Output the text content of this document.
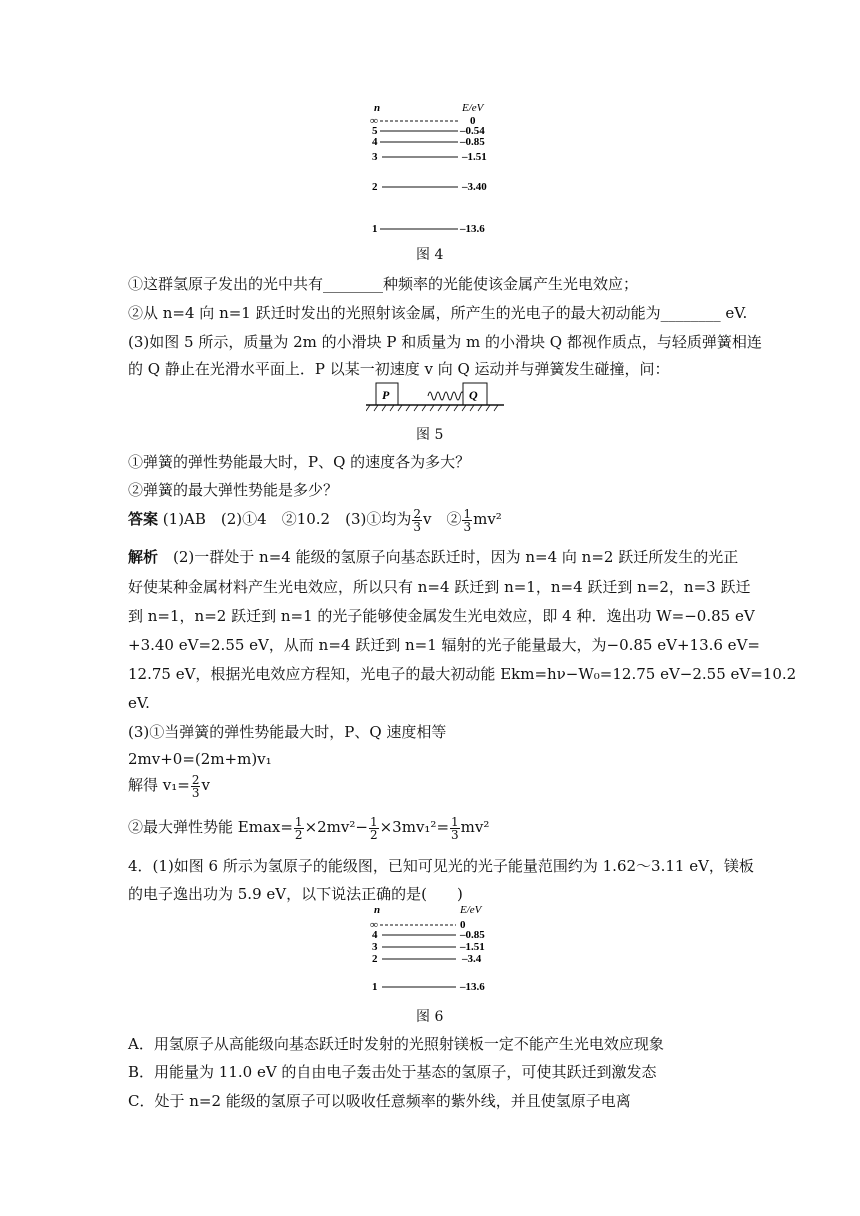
n	E/eV
∞	0
5	–0.54
4	–0.85
3	–1.51
2	–3.40
1	–13.6
图 4
①这群氢原子发出的光中共有________种频率的光能使该金属产生光电效应；
②从 n=4 向 n=1 跃迁时发出的光照射该金属，所产生的光电子的最大初动能为________ eV.
(3)如图 5 所示，质量为 2m 的小滑块 P 和质量为 m 的小滑块 Q 都视作质点，与轻质弹簧相连
的 Q 静止在光滑水平面上．P 以某一初速度 v 向 Q 运动并与弹簧发生碰撞，问：
P	Q
图 5
①弹簧的弹性势能最大时，P、Q 的速度各为多大？
②弹簧的最大弹性势能是多少？
答案 (1)AB　(2)①4　②10.2　(3)①均为 $\frac{2}{3}$ v　② $\frac{1}{3} mv^2$
解析　 (2)一群处于 n=4 能级的氢原子向基态跃迁时，因为 n=4 向 n=2 跃迁所发生的光正
好使某种金属材料产生光电效应，所以只有 n=4 跃迁到 n=1，n=4 跃迁到 n=2，n=3 跃迁
到 n=1，n=2 跃迁到 n=1 的光子能够使金属发生光电效应，即 4 种．逸出功 W=−0.85 eV
+3.40 eV=2.55 eV，从而 n=4 跃迁到 n=1 辐射的光子能量最大，为−0.85 eV+13.6 eV=
12.75 eV，根据光电效应方程知，光电子的最大初动能 Ekm=hν−W₀=12.75 eV−2.55 eV=10.2
eV.
(3)①当弹簧的弹性势能最大时，P、Q 速度相等
2mv+0=(2m+m)v₁
解得 $v_1= \frac{2}{3}$ v
②最大弹性势能 $Emax= \frac{1}{2} \times 2mv^2- \frac{1}{2} \times 3mv_1^2= \frac{1}{3} mv^2$
4．(1)如图 6 所示为氢原子的能级图，已知可见光的光子能量范围约为 1.62～3.11 eV，镁板
的电子逸出功为 5.9 eV，以下说法正确的是(　　)
n	E/eV
∞	0
4	–0.85
3	–1.51
2	–3.4
1	–13.6
图 6
A．用氢原子从高能级向基态跃迁时发射的光照射镁板一定不能产生光电效应现象
B．用能量为 11.0 eV 的自由电子轰击处于基态的氢原子，可使其跃迁到激发态
C．处于 n=2 能级的氢原子可以吸收任意频率的紫外线，并且使氢原子电离
